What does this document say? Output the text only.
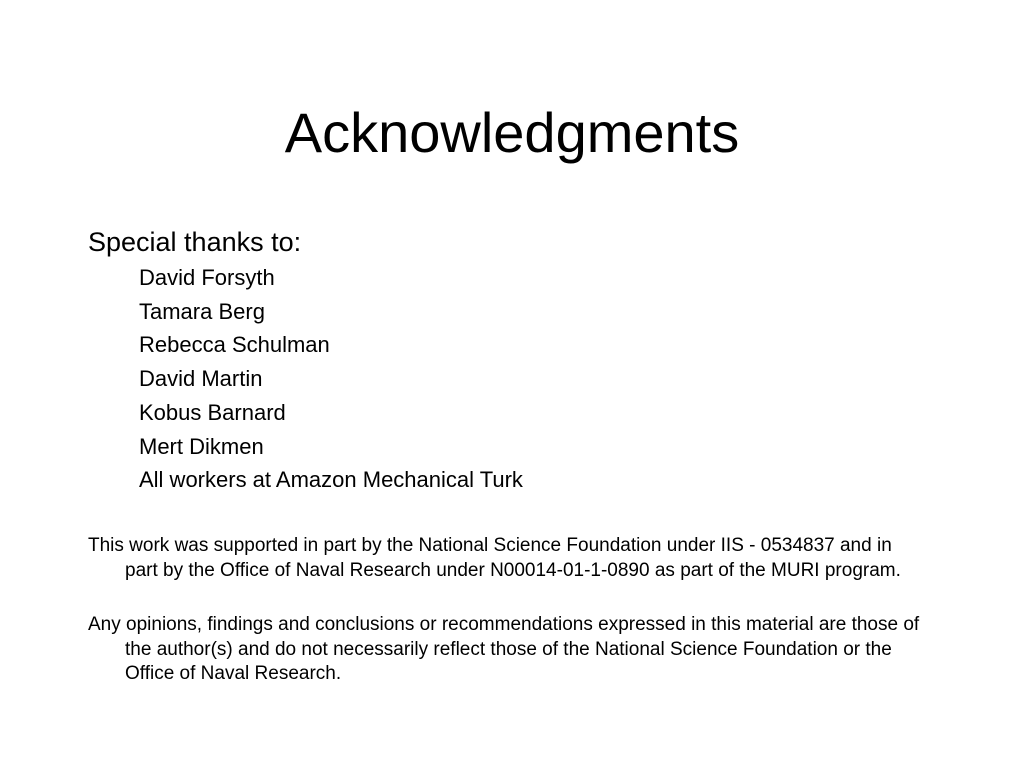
Acknowledgments

Special thanks to:

David Forsyth
Tamara Berg
Rebecca Schulman
David Martin
Kobus Barnard
Mert Dikmen
All workers at Amazon Mechanical Turk

This work was supported in part by the National Science Foundation under IIS - 0534837 and in part by the Office of Naval Research under N00014-01-1-0890 as part of the MURI program.

Any opinions, findings and conclusions or recommendations expressed in this material are those of the author(s) and do not necessarily reflect those of the National Science Foundation or the Office of Naval Research.
